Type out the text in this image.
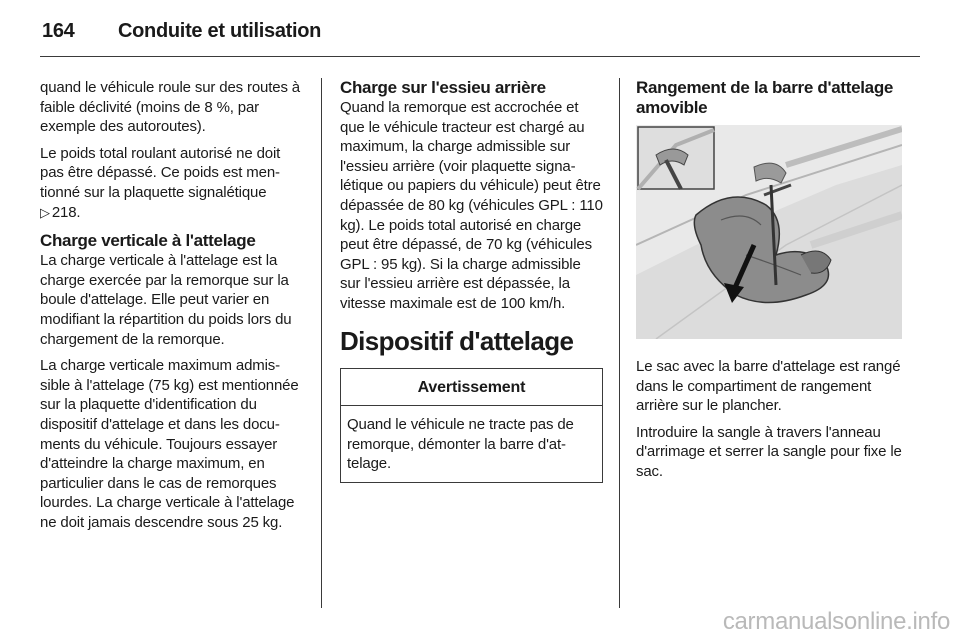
164 Conduite et utilisation

quand le véhicule roule sur des routes à faible déclivité (moins de 8 %, par exemple des autoroutes).

Le poids total roulant autorisé ne doit pas être dépassé. Ce poids est mentionné sur la plaquette signalétique
▷ 218.

Charge verticale à l'attelage

La charge verticale à l'attelage est la charge exercée par la remorque sur la boule d'attelage. Elle peut varier en modifiant la répartition du poids lors du chargement de la remorque.

La charge verticale maximum admissible à l'attelage (75 kg) est mentionnée sur la plaquette d'identification du dispositif d'attelage et dans les documents du véhicule. Toujours essayer d'atteindre la charge maximum, en particulier dans le cas de remorques lourdes. La charge verticale à l'attelage ne doit jamais descendre sous 25 kg.

Charge sur l'essieu arrière

Quand la remorque est accrochée et que le véhicule tracteur est chargé au maximum, la charge admissible sur l'essieu arrière (voir plaquette signalétique ou papiers du véhicule) peut être dépassée de 80 kg (véhicules GPL : 110 kg). Le poids total autorisé en charge peut être dépassé, de 70 kg (véhicules GPL : 95 kg). Si la charge admissible sur l'essieu arrière est dépassée, la vitesse maximale est de 100 km/h.

Dispositif d'attelage
Avertissement
Quand le véhicule ne tracte pas de remorque, démonter la barre d'attelage.
Rangement de la barre d'attelage amovible

Le sac avec la barre d'attelage est rangé dans le compartiment de rangement arrière sur le plancher.

Introduire la sangle à travers l'anneau d'arrimage et serrer la sangle pour fixe le sac.

carmanualsonline.info
